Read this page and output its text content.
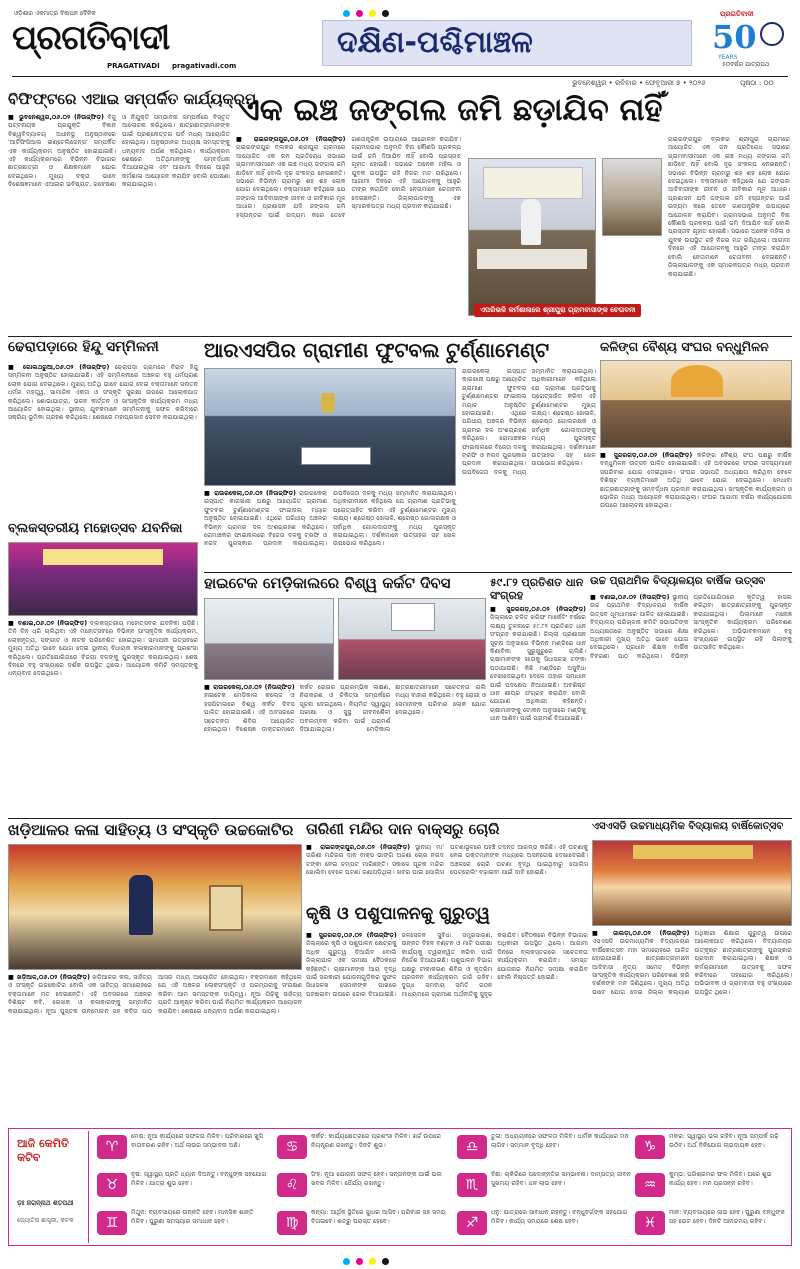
ଓଡ଼ିଶାର ଏକମାତ୍ର ବିଜ୍ଞାପନ ଦୈନିକ
ପ୍ରଗତିବାଦୀ
PRAGATIVADI pragativadi.com
ଦକ୍ଷିଣ-ପଶ୍ଚିମାଞ୍ଚଳ
ପ୍ରଗତିବାଦୀ
50
YEARS
୫୦ବର୍ଷର ଯାତ୍ରାପଥ
ଭୁବନେଶ୍ୱର • ରବିବାର • ଫେବୃଆରୀ ୭ • ୨୦୨୬	ପୃଷ୍ଠା : ୦୦
ବିଫିଫ୍ଟରେ ଏଆଇ ସମ୍ପର୍କିତ କାର୍ଯ୍ୟକ୍ରମ
■ ଭୁବନେଶ୍ୱର,୦୬.୦୨ (ନିଊଜ୍‌ଫିଡ଼) ବିଜୁ ପଟ୍ଟନାୟକ ପ୍ରଯୁକ୍ତି ବିଜ୍ଞାନ ବିଶ୍ୱବିଦ୍ୟାଳୟ ଅଧୀନସ୍ଥ ଅନୁଷ୍ଠାନରେ 'ଆର୍ଟିଫିସିଆଲ ଇଣ୍ଟେଲିଜେନ୍ସ' ସମ୍ପର୍କିତ ଏକ କାର୍ଯ୍ୟକ୍ରମ ଅନୁଷ୍ଠିତ ହୋଇଯାଇଛି। ଏହି କାର୍ଯ୍ୟକ୍ରମରେ ବିଭିନ୍ନ ବିଭାଗର ଛାତ୍ରଛାତ୍ରୀ ଓ ଶିକ୍ଷକମାନେ ଯୋଗ ଦେଇଥିଲେ। ମୁଖ୍ୟ ବକ୍ତା ଭାବେ ବିଶେଷଜ୍ଞମାନେ ଏଆଇର ଭବିଷ୍ୟତ, ଗବେଷଣା ଓ ନିଯୁକ୍ତି ସମ୍ଭାବନା ସମ୍ପର୍କରେ ବିସ୍ତୃତ ଆଲୋଚନା କରିଥିଲେ। ଛାତ୍ରଛାତ୍ରୀମାନଙ୍କ ପାଇଁ ପ୍ରଶ୍ନୋତ୍ତର ପର୍ବ ମଧ୍ୟ ଆୟୋଜିତ ହୋଇଥିଲା। ଅନୁଷ୍ଠାନର ଅଧ୍ୟକ୍ଷ ସମସ୍ତଙ୍କୁ ଧନ୍ୟବାଦ ଅର୍ପଣ କରିଥିଲେ। କାର୍ଯ୍ୟକ୍ରମ ଶେଷରେ ଅତିଥିମାନଙ୍କୁ ସମ୍ବର୍ଦ୍ଧନା ଦିଆଯାଇଥିଲା ଏବଂ ଆଗାମୀ ଦିନରେ ଆହୁରି କର୍ମଶାଳା ଆୟୋଜନ କରାଯିବ ବୋଲି ଘୋଷଣା କରାଯାଇଥିଲା।
ଏକ ଇଞ୍ଚ ଜଙ୍ଗଲ ଜମି ଛଡ଼ାଯିବ ନାହିଁ
■ ରାଇରଙ୍ଗପୁର,୦୬.୦୨ (ନିଊଜ୍‌ଫିଡ଼) ରାଇରଙ୍ଗପୁର ବ୍ଲକର ଶ୍ରୀପୁରା ଗ୍ରାମରେ ଆୟୋଜିତ ଏକ ଜନ ପ୍ରତିରୋଧ ସଭାରେ ଗ୍ରାମବାସୀମାନେ ଏକ ଇଞ୍ଚ ମଧ୍ୟ ଜଙ୍ଗଲ ଜମି ଛାଡ଼ିବେ ନାହିଁ ବୋଲି ଦୃଢ଼ ସଂକଳ୍ପ ନେଇଛନ୍ତି। ସଭାରେ ବିଭିନ୍ନ ଗ୍ରାମରୁ ଶହ ଶହ ଲୋକ ଯୋଗ ଦେଇଥିଲେ। ବକ୍ତାମାନେ କହିଥିଲେ ଯେ ଜଙ୍ଗଲ ଆଦିବାସୀଙ୍କ ଜୀବନ ଓ ଜୀବିକାର ମୂଳ ଆଧାର। ପ୍ରଶାସନ ଯଦି ଜଙ୍ଗଲ ଜମି ହସ୍ତାନ୍ତର ପାଇଁ ଉଦ୍ୟମ କରେ ତେବେ ଗଣତାନ୍ତ୍ରିକ ଉପାୟରେ ଆନ୍ଦୋଳନ କରାଯିବ। ଗ୍ରାମସଭାର ଅନୁମତି ବିନା କୌଣସି ପ୍ରକଳ୍ପ ପାଇଁ ଜମି ଦିଆଯିବ ନାହିଁ ବୋଲି ପ୍ରସ୍ତାବ ଗୃହୀତ ହୋଇଛି। ସଭାରେ ଅନେକ ମହିଳା ଓ ଯୁବକ ଉପସ୍ଥିତ ରହି ନିଜର ମତ ରଖିଥିଲେ। ଆଗାମୀ ଦିନରେ ଏହି ଆନ୍ଦୋଳନକୁ ଆହୁରି ତୀବ୍ର କରାଯିବ ବୋଲି ନେତାମାନେ ଚେତାବନୀ ଦେଇଛନ୍ତି। ଜିଲ୍ଲାପାଳଙ୍କୁ ଏକ ସ୍ମାରକପତ୍ର ମଧ୍ୟ ପ୍ରଦାନ କରାଯାଇଛି।
ଏପରିଭଳି କର୍ମଶାଳାରେ ଶ୍ରୀପୁରା ଗ୍ରାମବାସୀଙ୍କ ଚେତାବନୀ
ରାଇରଙ୍ଗପୁର ବ୍ଲକର ଶ୍ରୀପୁରା ଗ୍ରାମରେ ଆୟୋଜିତ ଏକ ଜନ ପ୍ରତିରୋଧ ସଭାରେ ଗ୍ରାମବାସୀମାନେ ଏକ ଇଞ୍ଚ ମଧ୍ୟ ଜଙ୍ଗଲ ଜମି ଛାଡ଼ିବେ ନାହିଁ ବୋଲି ଦୃଢ଼ ସଂକଳ୍ପ ନେଇଛନ୍ତି। ସଭାରେ ବିଭିନ୍ନ ଗ୍ରାମରୁ ଶହ ଶହ ଲୋକ ଯୋଗ ଦେଇଥିଲେ। ବକ୍ତାମାନେ କହିଥିଲେ ଯେ ଜଙ୍ଗଲ ଆଦିବାସୀଙ୍କ ଜୀବନ ଓ ଜୀବିକାର ମୂଳ ଆଧାର। ପ୍ରଶାସନ ଯଦି ଜଙ୍ଗଲ ଜମି ହସ୍ତାନ୍ତର ପାଇଁ ଉଦ୍ୟମ କରେ ତେବେ ଗଣତାନ୍ତ୍ରିକ ଉପାୟରେ ଆନ୍ଦୋଳନ କରାଯିବ। ଗ୍ରାମସଭାର ଅନୁମତି ବିନା କୌଣସି ପ୍ରକଳ୍ପ ପାଇଁ ଜମି ଦିଆଯିବ ନାହିଁ ବୋଲି ପ୍ରସ୍ତାବ ଗୃହୀତ ହୋଇଛି। ସଭାରେ ଅନେକ ମହିଳା ଓ ଯୁବକ ଉପସ୍ଥିତ ରହି ନିଜର ମତ ରଖିଥିଲେ। ଆଗାମୀ ଦିନରେ ଏହି ଆନ୍ଦୋଳନକୁ ଆହୁରି ତୀବ୍ର କରାଯିବ ବୋଲି ନେତାମାନେ ଚେତାବନୀ ଦେଇଛନ୍ତି। ଜିଲ୍ଲାପାଳଙ୍କୁ ଏକ ସ୍ମାରକପତ୍ର ମଧ୍ୟ ପ୍ରଦାନ କରାଯାଇଛି।
ଢେରାପଡ଼ାରେ ହିନ୍ଦୁ ସମ୍ମିଳନୀ
■ ଗୋଲଥରୁଆ,୦୬.୦୨ (ନିଊଜ୍‌ଫିଡ଼) ଢେରାପଡ଼ା ଗ୍ରାମରେ ବିରାଟ ହିନ୍ଦୁ ସମ୍ମିଳନୀ ଅନୁଷ୍ଠିତ ହୋଇଯାଇଛି। ଏହି ସମ୍ମିଳନୀରେ ଅଞ୍ଚଳର ବହୁ ଧର୍ମପ୍ରାଣ ଲୋକ ଯୋଗ ଦେଇଥିଲେ। ମୁଖ୍ୟ ଅତିଥି ଭାବେ ଯୋଗ ଦେଇ ବକ୍ତାମାନେ ସନାତନ ଧର୍ମର ମହତ୍ତ୍ୱ, ସାମାଜିକ ଏକତା ଓ ସଂସ୍କୃତି ସୁରକ୍ଷା ଉପରେ ଆଲୋକପାତ କରିଥିଲେ। ଶୋଭାଯାତ୍ରା, ଭଜନ କୀର୍ତ୍ତନ ଓ ସାଂସ୍କୃତିକ କାର୍ଯ୍ୟକ୍ରମ ମଧ୍ୟ ଆୟୋଜିତ ହୋଇଥିଲା। ସ୍ଥାନୀୟ ଯୁବକମାନେ ସମ୍ମିଳନୀକୁ ସଫଳ କରିବାରେ ସକ୍ରିୟ ଭୂମିକା ଗ୍ରହଣ କରିଥିଲେ। ଶେଷରେ ମହାପ୍ରସାଦ ସେବନ କରାଯାଇଥିଲା।
ଆରଏସପିର ଗ୍ରାମୀଣ ଫୁଟବଲ ଟୁର୍ଣ୍ଣାମେଣ୍ଟ
■ ରାଉରକେଲା,୦୬.୦୨ (ନିଊଜ୍‌ଫିଡ଼) ରାଉରକେଲା ଇସ୍ପାତ କାରଖାନା ପକ୍ଷରୁ ଆୟୋଜିତ ଗ୍ରାମୀଣ ଫୁଟବଲ ଟୁର୍ଣ୍ଣାମେଣ୍ଟର ଫାଇନାଲ ମ୍ୟାଚ ଅନୁଷ୍ଠିତ ହୋଇଯାଇଛି। ଏଥିରେ ପରିଧୀୟ ଅଞ୍ଚଳର ବିଭିନ୍ନ ଗ୍ରାମର ଦଳ ଅଂଶଗ୍ରହଣ କରିଥିଲେ। ରୋମାଞ୍ଚକର ଫାଇନାଲରେ ବିଜେତା ଦଳକୁ ଟ୍ରଫି ଓ ନଗଦ ପୁରସ୍କାର ପ୍ରଦାନ କରାଯାଇଥିଲା। ଉପବିଜେତା ଦଳକୁ ମଧ୍ୟ ସମ୍ମାନିତ କରାଯାଇଥିଲା। ଅଧିକାରୀମାନେ କହିଥିଲେ ଯେ ଗ୍ରାମୀଣ ପ୍ରତିଭାକୁ ପ୍ରୋତ୍ସାହିତ କରିବା ଏହି ଟୁର୍ଣ୍ଣାମେଣ୍ଟର ମୁଖ୍ୟ ଲକ୍ଷ୍ୟ। ଶ୍ରେଷ୍ଠ ଖେଳାଳି, ଶ୍ରେଷ୍ଠ ଗୋଲରକ୍ଷକ ଓ ସର୍ବାଧିକ ଗୋଲଦାତାଙ୍କୁ ମଧ୍ୟ ପୁରସ୍କୃତ କରାଯାଇଥିଲା। ଦର୍ଶକମାନେ ଉତ୍ସାହର ସହ ଖେଳ ଉପଭୋଗ କରିଥିଲେ।
ରାଉରକେଲା ଇସ୍ପାତ କାରଖାନା ପକ୍ଷରୁ ଆୟୋଜିତ ଗ୍ରାମୀଣ ଫୁଟବଲ ଟୁର୍ଣ୍ଣାମେଣ୍ଟର ଫାଇନାଲ ମ୍ୟାଚ ଅନୁଷ୍ଠିତ ହୋଇଯାଇଛି। ଏଥିରେ ପରିଧୀୟ ଅଞ୍ଚଳର ବିଭିନ୍ନ ଗ୍ରାମର ଦଳ ଅଂଶଗ୍ରହଣ କରିଥିଲେ। ରୋମାଞ୍ଚକର ଫାଇନାଲରେ ବିଜେତା ଦଳକୁ ଟ୍ରଫି ଓ ନଗଦ ପୁରସ୍କାର ପ୍ରଦାନ କରାଯାଇଥିଲା। ଉପବିଜେତା ଦଳକୁ ମଧ୍ୟ ସମ୍ମାନିତ କରାଯାଇଥିଲା। ଅଧିକାରୀମାନେ କହିଥିଲେ ଯେ ଗ୍ରାମୀଣ ପ୍ରତିଭାକୁ ପ୍ରୋତ୍ସାହିତ କରିବା ଏହି ଟୁର୍ଣ୍ଣାମେଣ୍ଟର ମୁଖ୍ୟ ଲକ୍ଷ୍ୟ। ଶ୍ରେଷ୍ଠ ଖେଳାଳି, ଶ୍ରେଷ୍ଠ ଗୋଲରକ୍ଷକ ଓ ସର୍ବାଧିକ ଗୋଲଦାତାଙ୍କୁ ମଧ୍ୟ ପୁରସ୍କୃତ କରାଯାଇଥିଲା। ଦର୍ଶକମାନେ ଉତ୍ସାହର ସହ ଖେଳ ଉପଭୋଗ କରିଥିଲେ।
କଳିଙ୍ଗ ବୈଶ୍ୟ ସଂଘର ବନ୍ଧୁମିଳନ
■ ସୁନ୍ଦରଗଡ଼,୦୬.୦୨ (ନିଊଜ୍‌ଫିଡ଼) କଳିଙ୍ଗ ବୈଶ୍ୟ ସଂଘ ପକ୍ଷରୁ ବାର୍ଷିକ ବନ୍ଧୁମିଳନ ଉତ୍ସବ ପାଳିତ ହୋଇଯାଇଛି। ଏହି ଅବସରରେ ସଂଘର ସଦସ୍ୟମାନେ ସପରିବାର ଯୋଗ ଦେଇଥିଲେ। ସଂଘର ସଭାପତି ଅଧ୍ୟକ୍ଷତା କରିଥିବା ବେଳେ ବିଶିଷ୍ଟ ବ୍ୟକ୍ତିମାନେ ଅତିଥି ଭାବେ ଯୋଗ ଦେଇଥିଲେ। ମେଧାବୀ ଛାତ୍ରଛାତ୍ରୀଙ୍କୁ ସମ୍ବର୍ଦ୍ଧନା ପ୍ରଦାନ କରାଯାଇଥିଲା। ସାଂସ୍କୃତିକ କାର୍ଯ୍ୟକ୍ରମ ଓ ଭୋଜିର ମଧ୍ୟ ଆୟୋଜନ କରାଯାଇଥିଲା। ସଂଘର ଆଗାମୀ ବର୍ଷର କାର୍ଯ୍ୟଯୋଜନା ଉପରେ ଆଲୋଚନା ହୋଇଥିଲା।
ବ୍ଲକସ୍ତରୀୟ ମହୋତ୍ସବ ଯବନିକା
■ ବଣାଇ,୦୬.୦୨ (ନିଊଜ୍‌ଫିଡ଼) ବ୍ଲକସ୍ତରୀୟ ମହୋତ୍ସବର ଯବନିକା ପଡ଼ିଛି। ତିନି ଦିନ ଧରି ଚାଲିଥିବା ଏହି ମହୋତ୍ସବରେ ବିଭିନ୍ନ ସାଂସ୍କୃତିକ କାର୍ଯ୍ୟକ୍ରମ, ଲୋକନୃତ୍ୟ, ସଙ୍ଗୀତ ଓ ନାଟକ ପରିବେଶିତ ହୋଇଥିଲା। ସମାପନୀ ଉତ୍ସବରେ ମୁଖ୍ୟ ଅତିଥି ଭାବେ ଯୋଗ ଦେଇ ସ୍ଥାନୀୟ ବିଧାୟକ କଳାକାରମାନଙ୍କୁ ପ୍ରଶଂସା କରିଥିଲେ। ପ୍ରତିଯୋଗିତାରେ ବିଜୟୀ ଦଳଙ୍କୁ ପୁରସ୍କୃତ କରାଯାଇଥିଲା। ଶେଷ ଦିନରେ ବହୁ ସଂଖ୍ୟାରେ ଦର୍ଶକ ଉପସ୍ଥିତ ଥିଲେ। ଆୟୋଜକ କମିଟି ସମସ୍ତଙ୍କୁ ଧନ୍ୟବାଦ ଦେଇଥିଲେ।
ହାଇଟେକ ମେଡ଼ିକାଲରେ ବିଶ୍ୱ କର୍କଟ ଦିବସ
■ ରାଉରକେଲା,୦୬.୦୨ (ନିଊଜ୍‌ଫିଡ଼) ହାଇଟେକ ମେଡ଼ିକାଲ କଲେଜ ଓ ହସପିଟାଲରେ ବିଶ୍ୱ କର୍କଟ ଦିବସ ପାଳିତ ହୋଇଯାଇଛି। ଏହି ଅବସରରେ ସଚେତନତା ଶିବିର ଆୟୋଜିତ ହୋଇଥିଲା। ବିଶେଷଜ୍ଞ ଡାକ୍ତରମାନେ କର୍କଟ ରୋଗର ପ୍ରାରମ୍ଭିକ ଲକ୍ଷଣ, ନିରାକରଣ ଓ ଚିକିତ୍ସା ସମ୍ପର୍କରେ ସୂଚନା ଦେଇଥିଲେ। ନିୟମିତ ସ୍ୱାସ୍ଥ୍ୟ ପରୀକ୍ଷା ଓ ସୁସ୍ଥ ଜୀବନଶୈଳୀ ଅବଲମ୍ବନ କରିବା ପାଇଁ ପରାମର୍ଶ ଦିଆଯାଇଥିଲା। ମେଡ଼ିକାଲ ଛାତ୍ରଛାତ୍ରୀମାନେ ସଚେତନତା ରାଲି ମଧ୍ୟ ବାହାର କରିଥିଲେ। ବହୁ ରୋଗୀ ଓ ସେମାନଙ୍କ ପରିବାର ଲୋକ ଯୋଗ ଦେଇଥିଲେ।
୫୯.୮୨ ପ୍ରତିଶତ ଧାନ ସଂଗ୍ରହ
■ ସୁନ୍ଦରଗଡ଼,୦୬.୦୨ (ନିଊଜ୍‌ଫିଡ଼) ଜିଲ୍ଲାରେ ଚଳିତ ଖରିଫ ମାର୍କେଟିଂ ବର୍ଷରେ ଲକ୍ଷ୍ୟ ତୁଳନାରେ ୫୯.୮୨ ପ୍ରତିଶତ ଧାନ ସଂଗ୍ରହ କରାଯାଇଛି। ଜିଲ୍ଲା ପ୍ରଶାସନ ସୂଚନା ଅନୁସାରେ ବିଭିନ୍ନ ମଣ୍ଡିରେ ଧାନ କିଣାବିକା ସୁରୁଖୁରୁରେ ଚାଲିଛି। ଚାଷୀମାନଙ୍କ ଖାତାକୁ ସିଧାସଳଖ ଟଙ୍କା ପଠାଯାଉଛି। କିଛି ମଣ୍ଡିରେ ଅସୁବିଧା ଦେଖାଦେଇଥିବା ବେଳେ ତାହାର ସମାଧାନ ପାଇଁ ପଦକ୍ଷେପ ନିଆଯାଇଛି। ଅବଶିଷ୍ଟ ଧାନ ଶୀଘ୍ର ସଂଗ୍ରହ କରାଯିବ ବୋଲି ଯୋଗାଣ ଅଧିକାରୀ କହିଛନ୍ତି। ଚାଷୀମାନଙ୍କୁ ଟୋକନ ଅନୁସାରେ ମଣ୍ଡିକୁ ଧାନ ଆଣିବା ପାଇଁ ପରାମର୍ଶ ଦିଆଯାଇଛି।
ଉଚ୍ଚ ପ୍ରାଥମିକ ବିଦ୍ୟାଳୟର ବାର୍ଷିକ ଉତ୍ସବ
■ ବଣାଇ,୦୬.୦୨ (ନିଊଜ୍‌ଫିଡ଼) ସ୍ଥାନୀୟ ଉଚ୍ଚ ପ୍ରାଥମିକ ବିଦ୍ୟାଳୟର ବାର୍ଷିକ ଉତ୍ସବ ଧୂମଧାମରେ ପାଳିତ ହୋଇଯାଇଛି। ବିଦ୍ୟାଳୟ ପରିଚାଳନା କମିଟି ସଭାପତିଙ୍କ ଅଧ୍ୟକ୍ଷତାରେ ଅନୁଷ୍ଠିତ ସଭାରେ ଶିକ୍ଷା ଅଧିକାରୀ ମୁଖ୍ୟ ଅତିଥି ଭାବେ ଯୋଗ ଦେଇଥିଲେ। ପ୍ରଧାନ ଶିକ୍ଷକ ବାର୍ଷିକ ବିବରଣୀ ପାଠ କରିଥିଲେ। ବିଭିନ୍ନ ପ୍ରତିଯୋଗିତାରେ କୃତିତ୍ୱ ହାସଲ କରିଥିବା ଛାତ୍ରଛାତ୍ରୀଙ୍କୁ ପୁରସ୍କୃତ କରାଯାଇଥିଲା। ପିଲାମାନେ ମନୋଜ୍ଞ ସାଂସ୍କୃତିକ କାର୍ଯ୍ୟକ୍ରମ ପରିବେଶଣ କରିଥିଲେ। ଅଭିଭାବକମାନେ ବହୁ ସଂଖ୍ୟାରେ ଉପସ୍ଥିତ ରହି ପିଲାଙ୍କୁ ଉତ୍ସାହିତ କରିଥିଲେ।
ଖଡ଼ିଆଳର କଳା ସାହିତ୍ୟ ଓ ସଂସ୍କୃତି ଉଚ୍ଚକୋଟିର
■ ଖଡ଼ିଆଳ,୦୬.୦୨ (ନିଊଜ୍‌ଫିଡ଼) ଖଡ଼ିଆଳର କଳା, ସାହିତ୍ୟ ଓ ସଂସ୍କୃତି ଉଚ୍ଚକୋଟିର ବୋଲି ଏକ ସାହିତ୍ୟ ସମାରୋହରେ ବକ୍ତାମାନେ ମତ ଦେଇଛନ୍ତି। ଏହି ଅବସରରେ ଅଞ୍ଚଳର ବିଶିଷ୍ଟ କବି, ଲେଖକ ଓ କଳାକାରଙ୍କୁ ସମ୍ମାନିତ କରାଯାଇଥିଲା। ନୂଆ ପୁସ୍ତକ ଉନ୍ମୋଚନ ସହ କବିତା ପାଠ ଆସର ମଧ୍ୟ ଆୟୋଜିତ ହୋଇଥିଲା। ବକ୍ତାମାନେ କହିଥିଲେ ଯେ ଏହି ଅଞ୍ଚଳର ଲୋକସଂସ୍କୃତି ଓ ପରମ୍ପରାକୁ ସଂରକ୍ଷଣ କରିବା ଆମ ସମସ୍ତଙ୍କ ଦାୟିତ୍ୱ। ନୂଆ ପିଢ଼ିକୁ ସାହିତ୍ୟ ପ୍ରତି ଆକୃଷ୍ଟ କରିବା ପାଇଁ ନିୟମିତ କାର୍ଯ୍ୟକ୍ରମ ଆୟୋଜନ କରାଯିବ। ଶେଷରେ ଧନ୍ୟବାଦ ଅର୍ପଣ କରାଯାଇଥିଲା।
ତାରିଣୀ ମନ୍ଦିର ଦାନ ବାକ୍ସରୁ ଚୋରି
■ ରାଇରଙ୍ଗପୁର,୦୬.୦୨ (ନିଊଜ୍‌ଫିଡ଼) ସ୍ଥାନୀୟ ମା' ତାରିଣୀ ମନ୍ଦିରର ଦାନ ବାକ୍ସ ଭାଙ୍ଗି ଅଜଣା ଚୋର ନଗଦ ଟଙ୍କା ନେଇ ଚମ୍ପଟ ମାରିଛନ୍ତି। ସକାଳେ ପୂଜକ ମନ୍ଦିର ଖୋଲିବା ବେଳେ ଘଟଣା ଜଣାପଡ଼ିଥିଲା। ଖବର ପାଇ ପୋଲିସ ଘଟଣାସ୍ଥଳରେ ପହଞ୍ଚି ତଦନ୍ତ ଆରମ୍ଭ କରିଛି। ଏହି ଘଟଣାକୁ ନେଇ ଭକ୍ତମାନଙ୍କ ମଧ୍ୟରେ ଅସନ୍ତୋଷ ଦେଖାଦେଇଛି। ଅଞ୍ଚଳରେ ଚୋରି ଘଟଣା ବୃଦ୍ଧି ପାଇଥିବାରୁ ପୋଲିସ ପେଟ୍ରୋଲିଂ ବଢ଼ାଇବା ପାଇଁ ଦାବି ହୋଇଛି।
ଏସଏସଡି ଉଚ୍ଚମାଧ୍ୟମିକ ବିଦ୍ୟାଳୟ ବାର୍ଷିକୋତ୍ସବ
■ ଜାଲଡ଼ା,୦୬.୦୨ (ନିଊଜ୍‌ଫିଡ଼) ଏସଏସଡି ଉଚ୍ଚମାଧ୍ୟମିକ ବିଦ୍ୟାଳୟର ବାର୍ଷିକୋତ୍ସବ ମହା ସମାରୋହରେ ପାଳିତ ହୋଇଯାଇଛି। ଛାତ୍ରଛାତ୍ରୀମାନେ ଆଦିବାସୀ ନୃତ୍ୟ ସମେତ ବିଭିନ୍ନ ସାଂସ୍କୃତିକ କାର୍ଯ୍ୟକ୍ରମ ପରିବେଶଣ କରି ଦର୍ଶକଙ୍କ ମନ ଜିଣିଥିଲେ। ମୁଖ୍ୟ ଅତିଥି ଭାବେ ଯୋଗ ଦେଇ ଜିଲ୍ଲା କଲ୍ୟାଣ ଅଧିକାରୀ ଶିକ୍ଷାର ଗୁରୁତ୍ୱ ଉପରେ ଆଲୋକପାତ କରିଥିଲେ। ବିଦ୍ୟାଳୟର ଉତ୍କୃଷ୍ଟ ଛାତ୍ରଛାତ୍ରୀଙ୍କୁ ପୁରସ୍କାର ପ୍ରଦାନ କରାଯାଇଥିଲା। ଶିକ୍ଷକ ଓ କର୍ମଚାରୀମାନେ ଉତ୍ସବକୁ ସଫଳ କରିବାରେ ସହଯୋଗ କରିଥିଲେ। ଅଭିଭାବକ ଓ ଗ୍ରାମବାସୀ ବହୁ ସଂଖ୍ୟାରେ ଉପସ୍ଥିତ ଥିଲେ।
କୃଷି ଓ ପଶୁପାଳନକୁ ଗୁରୁତ୍ୱ
■ ସୁନ୍ଦରଗଡ଼,୦୬.୦୨ (ନିଊଜ୍‌ଫିଡ଼) ଜିଲ୍ଲାରେ କୃଷି ଓ ପଶୁପାଳନ କ୍ଷେତ୍ରକୁ ଅଧିକ ଗୁରୁତ୍ୱ ଦିଆଯିବ ବୋଲି ଜିଲ୍ଲାପାଳ ଏକ ସମୀକ୍ଷା ବୈଠକରେ କହିଛନ୍ତି। ଚାଷୀମାନଙ୍କ ଆୟ ବୃଦ୍ଧି ପାଇଁ ସରକାରୀ ଯୋଜନାଗୁଡ଼ିକର ସୁଫଳ ସିଧାସଳଖ ସେମାନଙ୍କ ପାଖରେ ପହଞ୍ଚାଇବା ଉପରେ ଜୋର ଦିଆଯାଇଛି। ଜଳସେଚନ ସୁବିଧା ସମ୍ପ୍ରସାରଣ, ଉନ୍ନତ ବିହନ ବଣ୍ଟନ ଓ ମାଟି ପରୀକ୍ଷା କାର୍ଯ୍ୟକୁ ତ୍ୱରାନ୍ୱିତ କରିବା ପାଇଁ ନିର୍ଦ୍ଦେଶ ଦିଆଯାଇଛି। ପଶୁପାଳନ ବିଭାଗ ପକ୍ଷରୁ ଟୀକାକରଣ ଶିବିର ଓ କୃତ୍ରିମ ପ୍ରଜନନ କାର୍ଯ୍ୟକ୍ରମ ଜାରି ରହିବ। ଦୁଗ୍ଧ ସମବାୟ ସମିତି ଗଠନ ମାଧ୍ୟମରେ ଗ୍ରାମୀଣ ଅର୍ଥନୀତିକୁ ସୁଦୃଢ଼ କରାଯିବ। ବୈଠକରେ ବିଭିନ୍ନ ବିଭାଗର ଅଧିକାରୀ ଉପସ୍ଥିତ ଥିଲେ। ଆଗାମୀ ଦିନରେ ବ୍ଲକସ୍ତରରେ ସଚେତନତା କାର୍ଯ୍ୟକ୍ରମ କରାଯିବ। ସମସ୍ତ ଯୋଜନାର ନିୟମିତ ସମୀକ୍ଷା କରାଯିବ ବୋଲି ନିଷ୍ପତ୍ତି ହୋଇଛି।
ଆଜି କେମିତି କଟିବ
ଡ଼ଃ ଜଗନ୍ନାଥ ଶତପଥୀ
ଜ୍ୟୋତିଷ ଶାସ୍ତ୍ରୀ, କଟକ
♈
ମେଷ: ନୂଆ କାର୍ଯ୍ୟରେ ସଫଳତା ମିଳିବ। ପରିବାରରେ ଖୁସି ବାତାବରଣ ରହିବ। ଅର୍ଥ ଲାଭର ସମ୍ଭାବନା ଅଛି।
♉
ବୃଷ: ସ୍ୱାସ୍ଥ୍ୟ ପ୍ରତି ଧ୍ୟାନ ଦିଅନ୍ତୁ। ବନ୍ଧୁଙ୍କ ସହଯୋଗ ମିଳିବ। ଯାତ୍ରା ଶୁଭ ହେବ।
♊
ମିଥୁନ: ବ୍ୟବସାୟରେ ଉନ୍ନତି ହେବ। ମାନସିକ ଶାନ୍ତି ମିଳିବ। ପୁରୁଣା ସମସ୍ୟାର ସମାଧାନ ହେବ।
♋
କର୍କଟ: କାର୍ଯ୍ୟକ୍ଷେତ୍ରରେ ପ୍ରଶଂସା ମିଳିବ। ଖର୍ଚ୍ଚ ଉପରେ ନିୟନ୍ତ୍ରଣ ରଖନ୍ତୁ। ଦିନଟି ଶୁଭ।
♌
ସିଂହ: ନୂଆ ଯୋଜନା ସଫଳ ହେବ। ସନ୍ତାନଙ୍କ ପାଇଁ ଭଲ ଖବର ମିଳିବ। ଧୈର୍ଯ୍ୟ ରଖନ୍ତୁ।
♍
କନ୍ୟା: ଆର୍ଥିକ ସ୍ଥିତିରେ ସୁଧାର ଆସିବ। ପରିବାର ସହ ସମୟ ବିତାଇବେ। ଶତ୍ରୁ ପରାସ୍ତ ହେବେ।
♎
ତୁଳା: ଅଧ୍ୟୟନରେ ସଫଳତା ମିଳିବ। ଧାର୍ମିକ କାର୍ଯ୍ୟରେ ମନ ଲାଗିବ। ସମ୍ମାନ ବୃଦ୍ଧି ହେବ।
♏
ବିଛା: ଚାକିରିରେ ପଦୋନ୍ନତିର ସମ୍ଭାବନା। ଦାମ୍ପତ୍ୟ ଜୀବନ ସୁଖମୟ ରହିବ। ଧନ ଲାଭ ହେବ।
♐
ଧନୁ: ଯାତ୍ରାରେ ସାବଧାନ ରହନ୍ତୁ। ବନ୍ଧୁବର୍ଗଙ୍କ ସହଯୋଗ ମିଳିବ। କାର୍ଯ୍ୟ ସମୟରେ ଶେଷ ହେବ।
♑
ମକର: ସ୍ୱାସ୍ଥ୍ୟ ଭଲ ରହିବ। ନୂଆ ସମ୍ପର୍କ ଗଢ଼ି ଉଠିବ। ଅର୍ଥ ବିନିଯୋଗ ଲାଭଦାୟକ ହେବ।
♒
କୁମ୍ଭ: ପରିଶ୍ରମର ଫଳ ମିଳିବ। ଘରେ ଶୁଭ କାର୍ଯ୍ୟ ହେବ। ମନ ପ୍ରସନ୍ନ ରହିବ।
♓
ମୀନ: ବ୍ୟବସାୟରେ ଲାଭ ହେବ। ପୁରୁଣା ବନ୍ଧୁଙ୍କ ସହ ଭେଟ ହେବ। ଦିନଟି ଆନନ୍ଦମୟ ରହିବ।
